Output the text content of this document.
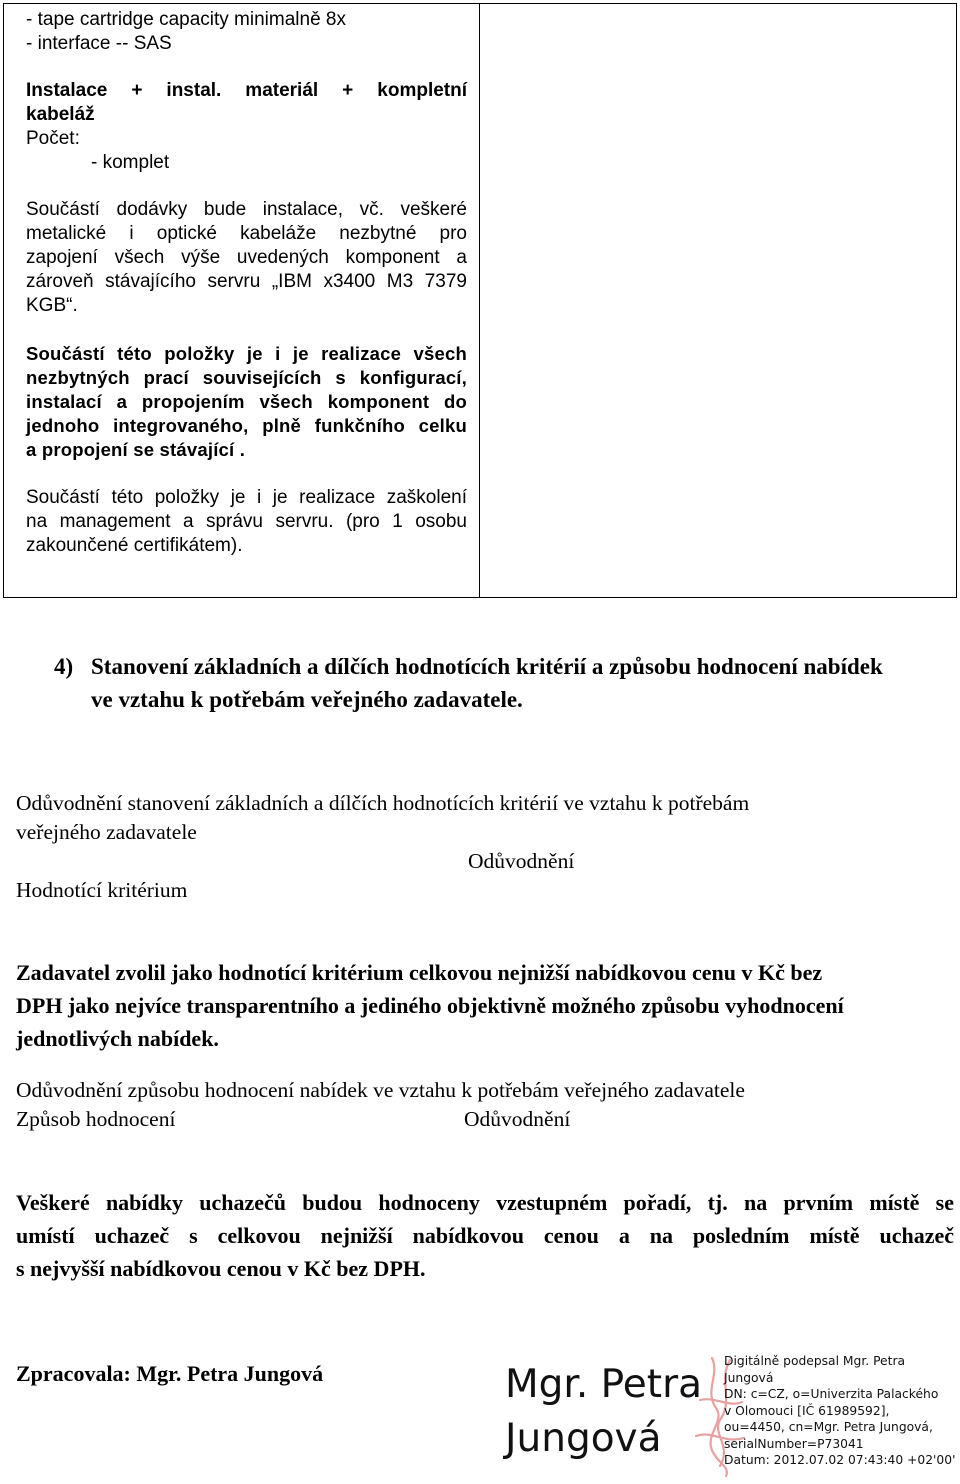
- tape cartridge capacity minimalně 8x
- interface -- SAS
Instalace + instal. materiál + kompletní
kabeláž
Počet:
- komplet
Součástí dodávky bude instalace, vč. veškeré
metalické i optické kabeláže nezbytné pro
zapojení všech výše uvedených komponent a
zároveň stávajícího servru „IBM x3400 M3 7379
KGB“.
Součástí této položky je i je realizace všech
nezbytných prací souvisejících s konfigurací,
instalací a propojením všech komponent do
jednoho integrovaného, plně funkčního celku
a propojení se stávající .
Součástí této položky je i je realizace zaškolení
na management a správu servru. (pro 1 osobu
zakounčené certifikátem).
4) Stanovení základních a dílčích hodnotících kritérií a způsobu hodnocení nabídek
ve vztahu k potřebám veřejného zadavatele.
Odůvodnění stanovení základních a dílčích hodnotících kritérií ve vztahu k potřebám
veřejného zadavatele
Odůvodnění
Hodnotící kritérium
Zadavatel zvolil jako hodnotící kritérium celkovou nejnižší nabídkovou cenu v Kč bez
DPH jako nejvíce transparentního a jediného objektivně možného způsobu vyhodnocení
jednotlivých nabídek.
Odůvodnění způsobu hodnocení nabídek ve vztahu k potřebám veřejného zadavatele
Způsob hodnocení	Odůvodnění
Veškeré nabídky uchazečů budou hodnoceny vzestupném pořadí, tj. na prvním místě se
umístí uchazeč s celkovou nejnižší nabídkovou cenou a na posledním místě uchazeč
s nejvyšší nabídkovou cenou v Kč bez DPH.
Zpracovala: Mgr. Petra Jungová	Mgr. Petra
Jungová
Digitálně podepsal Mgr. Petra
Jungová
DN: c=CZ, o=Univerzita Palackého
v Olomouci [IČ 61989592],
ou=4450, cn=Mgr. Petra Jungová,
serialNumber=P73041
Datum: 2012.07.02 07:43:40 +02'00'
